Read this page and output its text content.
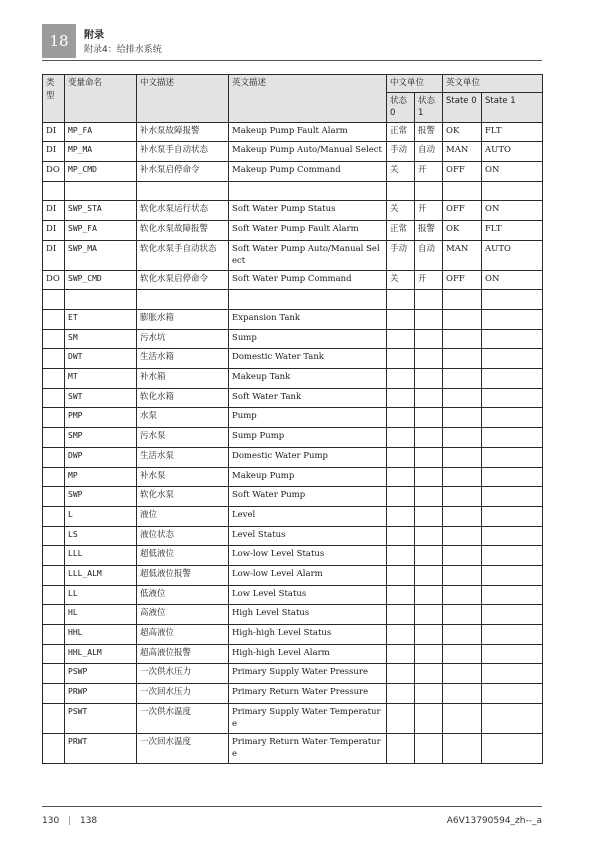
18 附录
附录4：给排水系统
类型	变量命名	中文描述	英文描述	中文单位		英文单位	
				状态0	状态1	State 0	State 1
DI	MP_FA	补水泵故障报警	Makeup Pump Fault Alarm	正常	报警	OK	FLT
DI	MP_MA	补水泵手自动状态	Makeup Pump Auto/Manual Select	手动	自动	MAN	AUTO
DO	MP_CMD	补水泵启停命令	Makeup Pump Command	关	开	OFF	ON

DI	SWP_STA	软化水泵运行状态	Soft Water Pump Status	关	开	OFF	ON
DI	SWP_FA	软化水泵故障报警	Soft Water Pump Fault Alarm	正常	报警	OK	FLT
DI	SWP_MA	软化水泵手自动状态	Soft Water Pump Auto/Manual Select	手动	自动	MAN	AUTO
DO	SWP_CMD	软化水泵启停命令	Soft Water Pump Command	关	开	OFF	ON

	ET	膨胀水箱	Expansion Tank				
	SM	污水坑	Sump				
	DWT	生活水箱	Domestic Water Tank				
	MT	补水箱	Makeup Tank				
	SWT	软化水箱	Soft Water Tank				
	PMP	水泵	Pump				
	SMP	污水泵	Sump Pump				
	DWP	生活水泵	Domestic Water Pump				
	MP	补水泵	Makeup Pump				
	SWP	软化水泵	Soft Water Pump				
	L	液位	Level				
	LS	液位状态	Level Status				
	LLL	超低液位	Low-low Level Status				
	LLL_ALM	超低液位报警	Low-low Level Alarm				
	LL	低液位	Low Level Status				
	HL	高液位	High Level Status				
	HHL	超高液位	High-high Level Status				
	HHL_ALM	超高液位报警	High-high Level Alarm				
	PSWP	一次供水压力	Primary Supply Water Pressure				
	PRWP	一次回水压力	Primary Return Water Pressure				
	PSWT	一次供水温度	Primary Supply Water Temperature				
	PRWT	一次回水温度	Primary Return Water Temperature				
130 | 138	A6V13790594_zh--_a
